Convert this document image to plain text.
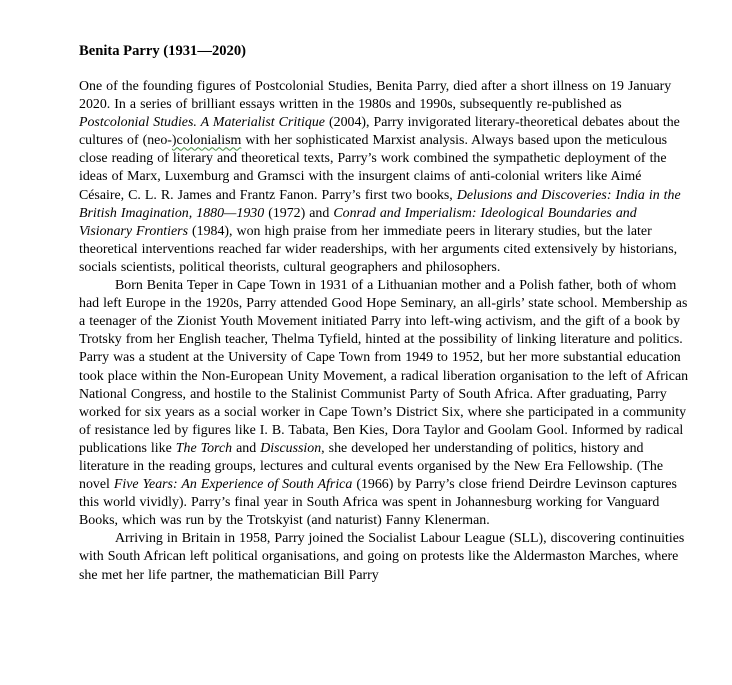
Benita Parry (1931—2020)

One of the founding figures of Postcolonial Studies, Benita Parry, died after a short illness on 19 January 2020. In a series of brilliant essays written in the 1980s and 1990s, subsequently re-published as Postcolonial Studies. A Materialist Critique (2004), Parry invigorated literary-theoretical debates about the cultures of (neo-)colonialism with her sophisticated Marxist analysis. Always based upon the meticulous close reading of literary and theoretical texts, Parry’s work combined the sympathetic deployment of the ideas of Marx, Luxemburg and Gramsci with the insurgent claims of anti-colonial writers like Aimé Césaire, C. L. R. James and Frantz Fanon. Parry’s first two books, Delusions and Discoveries: India in the British Imagination, 1880—1930 (1972) and Conrad and Imperialism: Ideological Boundaries and Visionary Frontiers (1984), won high praise from her immediate peers in literary studies, but the later theoretical interventions reached far wider readerships, with her arguments cited extensively by historians, socials scientists, political theorists, cultural geographers and philosophers.

Born Benita Teper in Cape Town in 1931 of a Lithuanian mother and a Polish father, both of whom had left Europe in the 1920s, Parry attended Good Hope Seminary, an all-girls’ state school. Membership as a teenager of the Zionist Youth Movement initiated Parry into left-wing activism, and the gift of a book by Trotsky from her English teacher, Thelma Tyfield, hinted at the possibility of linking literature and politics. Parry was a student at the University of Cape Town from 1949 to 1952, but her more substantial education took place within the Non-European Unity Movement, a radical liberation organisation to the left of African National Congress, and hostile to the Stalinist Communist Party of South Africa. After graduating, Parry worked for six years as a social worker in Cape Town’s District Six, where she participated in a community of resistance led by figures like I. B. Tabata, Ben Kies, Dora Taylor and Goolam Gool. Informed by radical publications like The Torch and Discussion, she developed her understanding of politics, history and literature in the reading groups, lectures and cultural events organised by the New Era Fellowship. (The novel Five Years: An Experience of South Africa (1966) by Parry’s close friend Deirdre Levinson captures this world vividly). Parry’s final year in South Africa was spent in Johannesburg working for Vanguard Books, which was run by the Trotskyist (and naturist) Fanny Klenerman.

Arriving in Britain in 1958, Parry joined the Socialist Labour League (SLL), discovering continuities with South African left political organisations, and going on protests like the Aldermaston Marches, where she met her life partner, the mathematician Bill Parry
